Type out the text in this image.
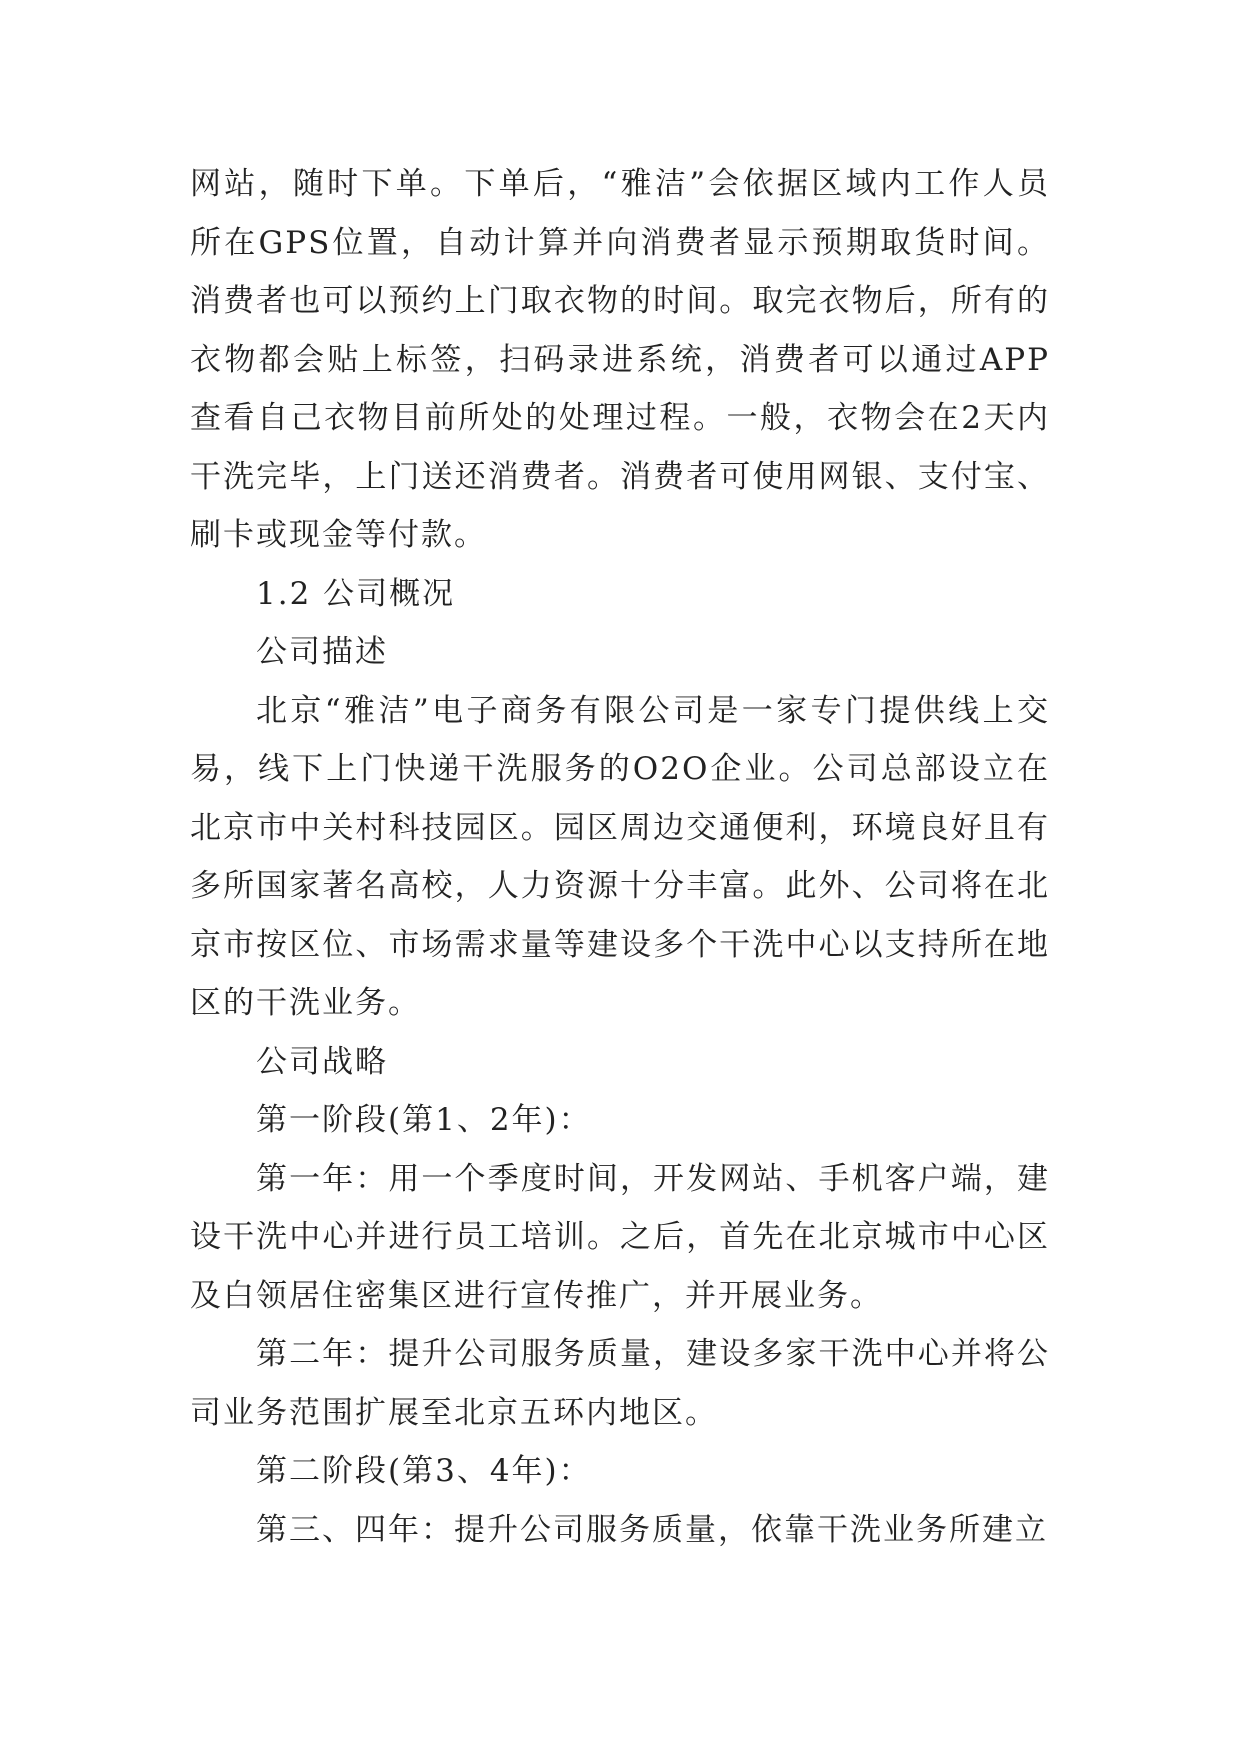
网站，随时下单。下单后，“雅洁”会依据区域内工作人员所在GPS位置，自动计算并向消费者显示预期取货时间。消费者也可以预约上门取衣物的时间。取完衣物后，所有的衣物都会贴上标签，扫码录进系统，消费者可以通过APP查看自己衣物目前所处的处理过程。一般，衣物会在2天内干洗完毕，上门送还消费者。消费者可使用网银、支付宝、刷卡或现金等付款。

1.2 公司概况

公司描述

北京“雅洁”电子商务有限公司是一家专门提供线上交易，线下上门快递干洗服务的O2O企业。公司总部设立在北京市中关村科技园区。园区周边交通便利，环境良好且有多所国家著名高校，人力资源十分丰富。此外、公司将在北京市按区位、市场需求量等建设多个干洗中心以支持所在地区的干洗业务。

公司战略

第一阶段(第1、2年)：

第一年：用一个季度时间，开发网站、手机客户端，建设干洗中心并进行员工培训。之后，首先在北京城市中心区及白领居住密集区进行宣传推广，并开展业务。

第二年：提升公司服务质量，建设多家干洗中心并将公司业务范围扩展至北京五环内地区。

第二阶段(第3、4年)：

第三、四年：提升公司服务质量，依靠干洗业务所建立
